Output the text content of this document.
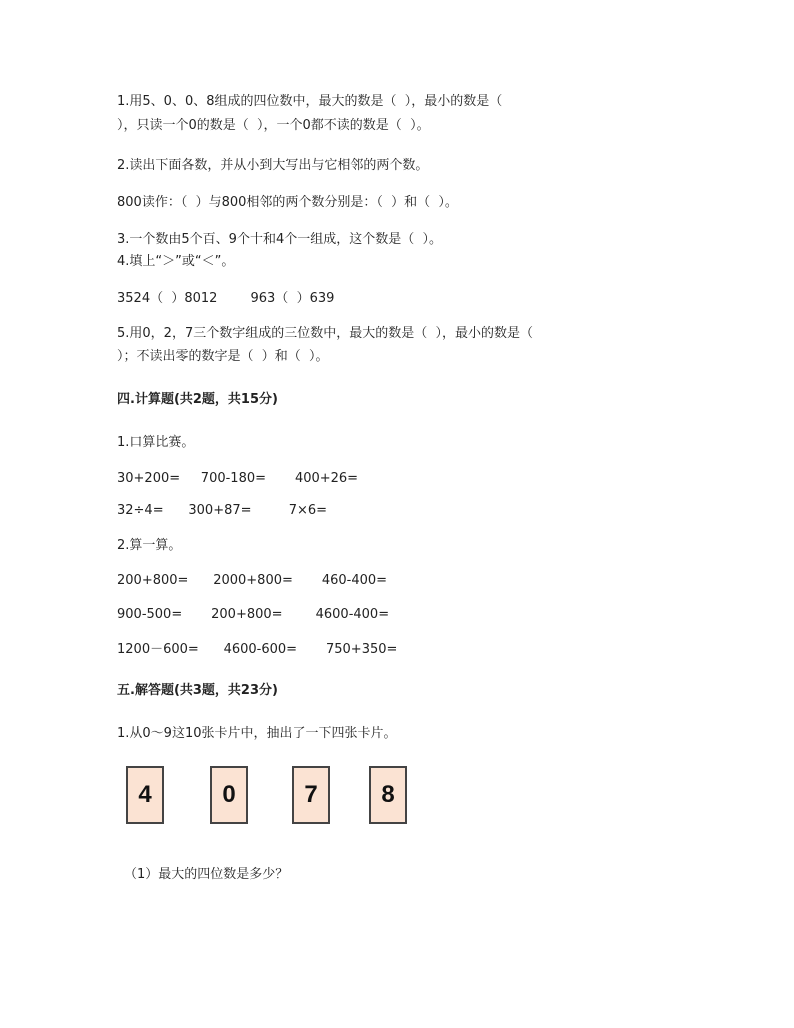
1.用5、0、0、8组成的四位数中，最大的数是（  ），最小的数是（
），只读一个0的数是（  ），一个0都不读的数是（  ）。
2.读出下面各数，并从小到大写出与它相邻的两个数。
800读作：（  ）与800相邻的两个数分别是：（  ）和（  ）。
3.一个数由5个百、9个十和4个一组成，这个数是（  ）。
4.填上“＞”或“＜”。
3524（  ）8012        963（  ）639
5.用0，2，7三个数字组成的三位数中，最大的数是（  ），最小的数是（
）；不读出零的数字是（  ）和（  ）。
四.计算题(共2题，共15分)
1.口算比赛。
30+200=     700-180=       400+26=
32÷4=      300+87=         7×6=
2.算一算。
200+800=      2000+800=       460-400=
900-500=       200+800=        4600-400=
1200－600=      4600-600=       750+350=
五.解答题(共3题，共23分)
1.从0～9这10张卡片中，抽出了一下四张卡片。
4	0	7	8
（1）最大的四位数是多少？
